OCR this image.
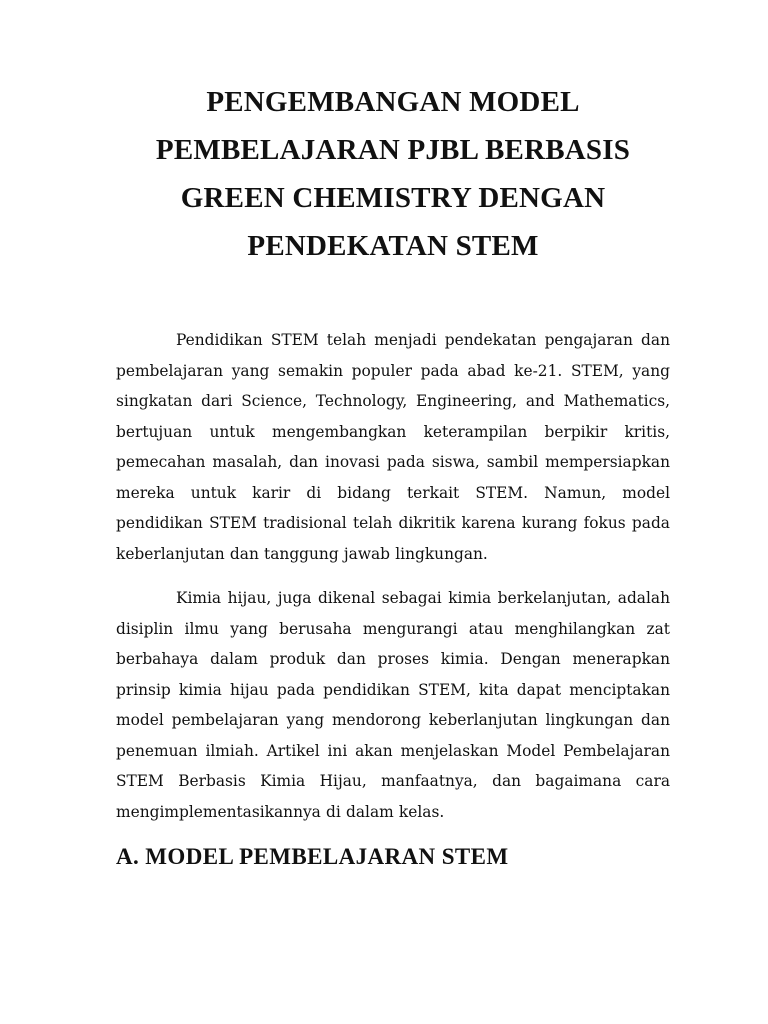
PENGEMBANGAN MODEL
PEMBELAJARAN PJBL BERBASIS
GREEN CHEMISTRY DENGAN
PENDEKATAN STEM

Pendidikan STEM telah menjadi pendekatan pengajaran dan pembelajaran yang semakin populer pada abad ke-21. STEM, yang singkatan dari Science, Technology, Engineering, and Mathematics, bertujuan untuk mengembangkan keterampilan berpikir kritis, pemecahan masalah, dan inovasi pada siswa, sambil mempersiapkan mereka untuk karir di bidang terkait STEM. Namun, model pendidikan STEM tradisional telah dikritik karena kurang fokus pada keberlanjutan dan tanggung jawab lingkungan.

Kimia hijau, juga dikenal sebagai kimia berkelanjutan, adalah disiplin ilmu yang berusaha mengurangi atau menghilangkan zat berbahaya dalam produk dan proses kimia. Dengan menerapkan prinsip kimia hijau pada pendidikan STEM, kita dapat menciptakan model pembelajaran yang mendorong keberlanjutan lingkungan dan penemuan ilmiah. Artikel ini akan menjelaskan Model Pembelajaran STEM Berbasis Kimia Hijau, manfaatnya, dan bagaimana cara mengimplementasikannya di dalam kelas.

A. MODEL PEMBELAJARAN STEM
